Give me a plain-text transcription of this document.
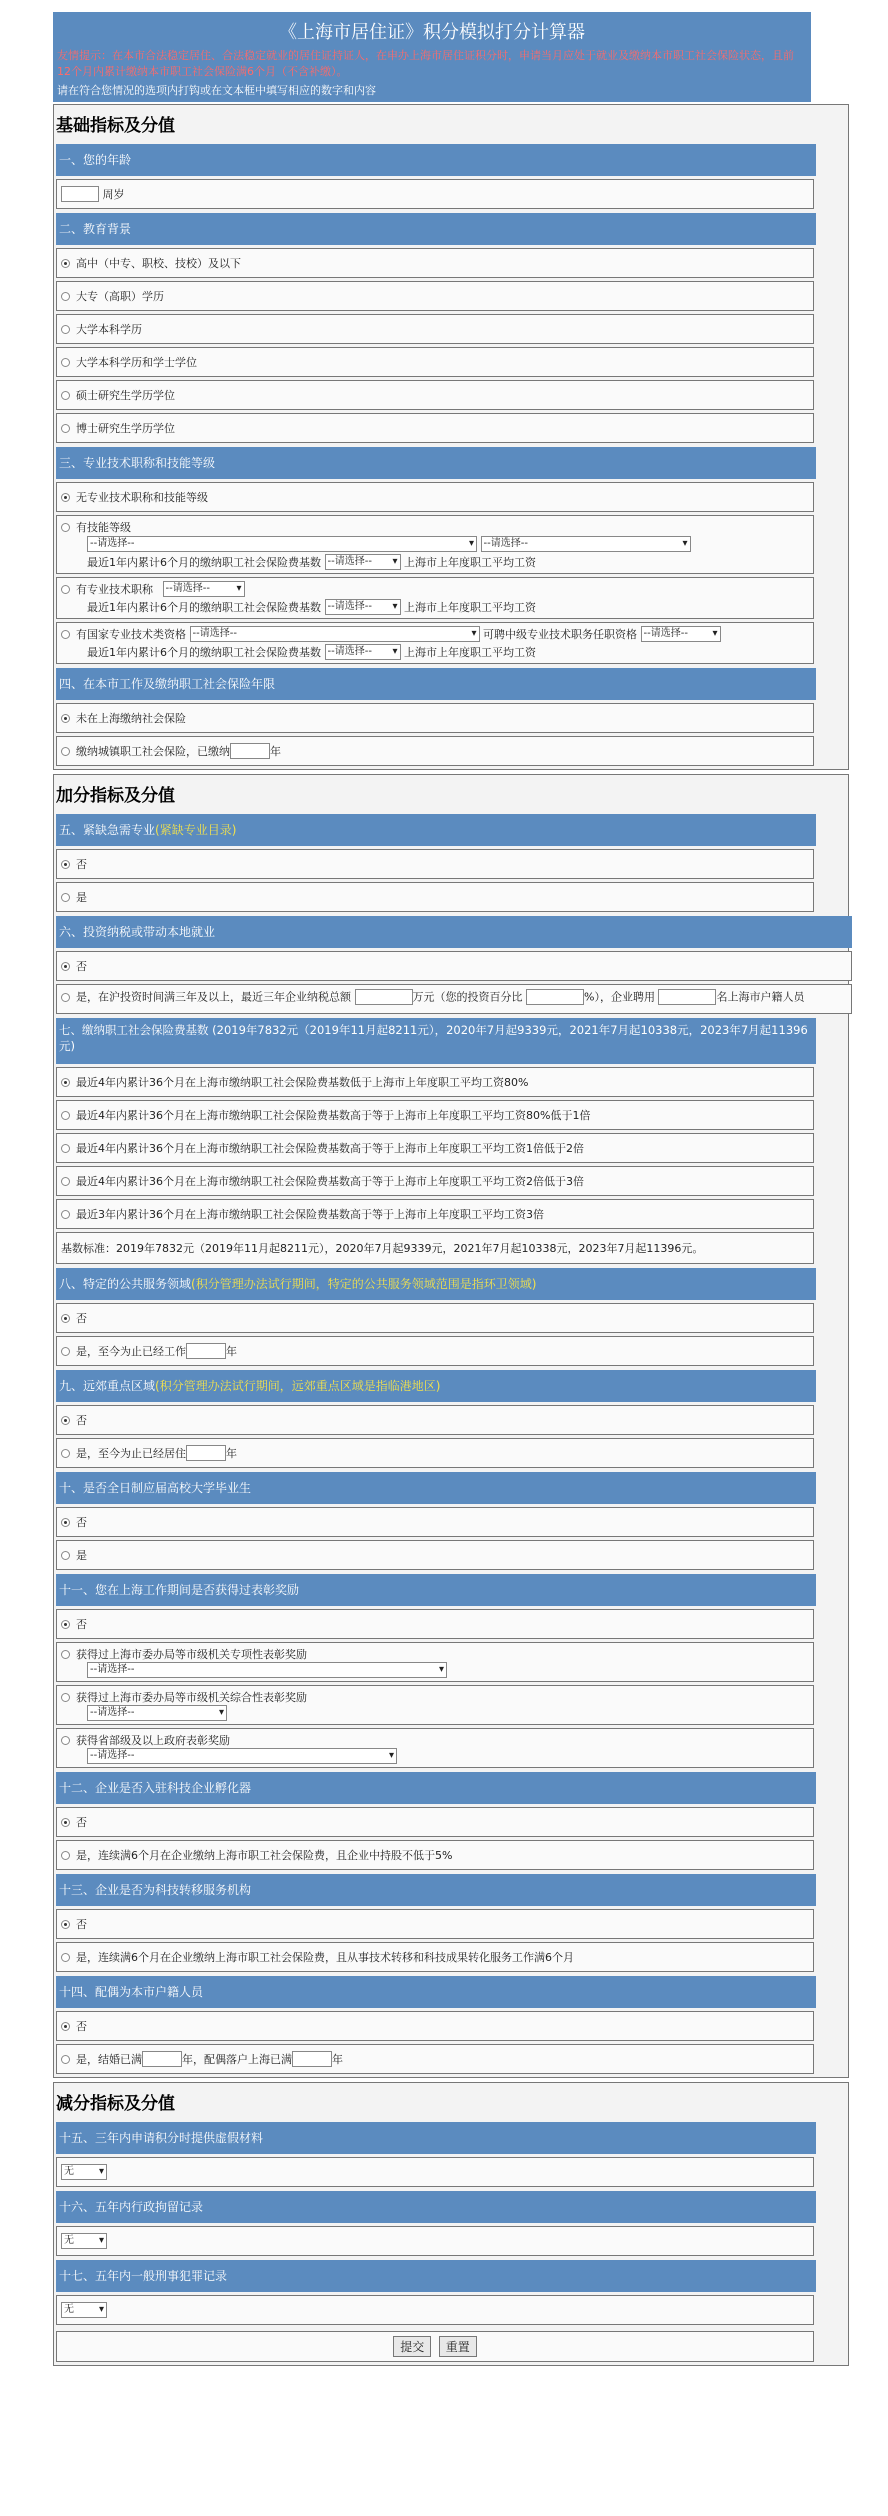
《上海市居住证》积分模拟打分计算器
友情提示：在本市合法稳定居住、合法稳定就业的居住证持证人，在申办上海市居住证积分时，申请当月应处于就业及缴纳本市职工社会保险状态，且前12个月内累计缴纳本市职工社会保险满6个月（不含补缴）。
请在符合您情况的选项内打钩或在文本框中填写相应的数字和内容
基础指标及分值
一、您的年龄
周岁
二、教育背景
高中（中专、职校、技校）及以下
大专（高职）学历
大学本科学历
大学本科学历和学士学位
硕士研究生学历学位
博士研究生学历学位
三、专业技术职称和技能等级
无专业技术职称和技能等级
有技能等级
--请选择-- ▾	--请选择-- ▾
最近1年内累计6个月的缴纳职工社会保险费基数 --请选择-- ▾	上海市上年度职工平均工资
有专业技术职称 --请选择-- ▾
最近1年内累计6个月的缴纳职工社会保险费基数 --请选择-- ▾	上海市上年度职工平均工资
有国家专业技术类资格 --请选择-- ▾	可聘中级专业技术职务任职资格 --请选择-- ▾
最近1年内累计6个月的缴纳职工社会保险费基数 --请选择-- ▾	上海市上年度职工平均工资
四、在本市工作及缴纳职工社会保险年限
未在上海缴纳社会保险
缴纳城镇职工社会保险，已缴纳	年
加分指标及分值
五、紧缺急需专业(紧缺专业目录)
否
是
六、投资纳税或带动本地就业
否
是，在沪投资时间满三年及以上，最近三年企业纳税总额	万元（您的投资百分比	%），企业聘用	名上海市户籍人员
七、缴纳职工社会保险费基数 (2019年7832元（2019年11月起8211元），2020年7月起9339元，2021年7月起10338元，2023年7月起11396元)
最近4年内累计36个月在上海市缴纳职工社会保险费基数低于上海市上年度职工平均工资80%
最近4年内累计36个月在上海市缴纳职工社会保险费基数高于等于上海市上年度职工平均工资80%低于1倍
最近4年内累计36个月在上海市缴纳职工社会保险费基数高于等于上海市上年度职工平均工资1倍低于2倍
最近4年内累计36个月在上海市缴纳职工社会保险费基数高于等于上海市上年度职工平均工资2倍低于3倍
最近3年内累计36个月在上海市缴纳职工社会保险费基数高于等于上海市上年度职工平均工资3倍
基数标准：2019年7832元（2019年11月起8211元），2020年7月起9339元，2021年7月起10338元，2023年7月起11396元。
八、特定的公共服务领域(积分管理办法试行期间，特定的公共服务领域范围是指环卫领域)
否
是，至今为止已经工作	年
九、远郊重点区域(积分管理办法试行期间，远郊重点区域是指临港地区)
否
是，至今为止已经居住	年
十、是否全日制应届高校大学毕业生
否
是
十一、您在上海工作期间是否获得过表彰奖励
否
获得过上海市委办局等市级机关专项性表彰奖励
--请选择-- ▾
获得过上海市委办局等市级机关综合性表彰奖励
--请选择-- ▾
获得省部级及以上政府表彰奖励
--请选择-- ▾
十二、企业是否入驻科技企业孵化器
否
是，连续满6个月在企业缴纳上海市职工社会保险费，且企业中持股不低于5%
十三、企业是否为科技转移服务机构
否
是，连续满6个月在企业缴纳上海市职工社会保险费，且从事技术转移和科技成果转化服务工作满6个月
十四、配偶为本市户籍人员
否
是，结婚已满	年，配偶落户上海已满	年
减分指标及分值
十五、三年内申请积分时提供虚假材料
无 ▾
十六、五年内行政拘留记录
无 ▾
十七、五年内一般刑事犯罪记录
无 ▾
提交 重置
